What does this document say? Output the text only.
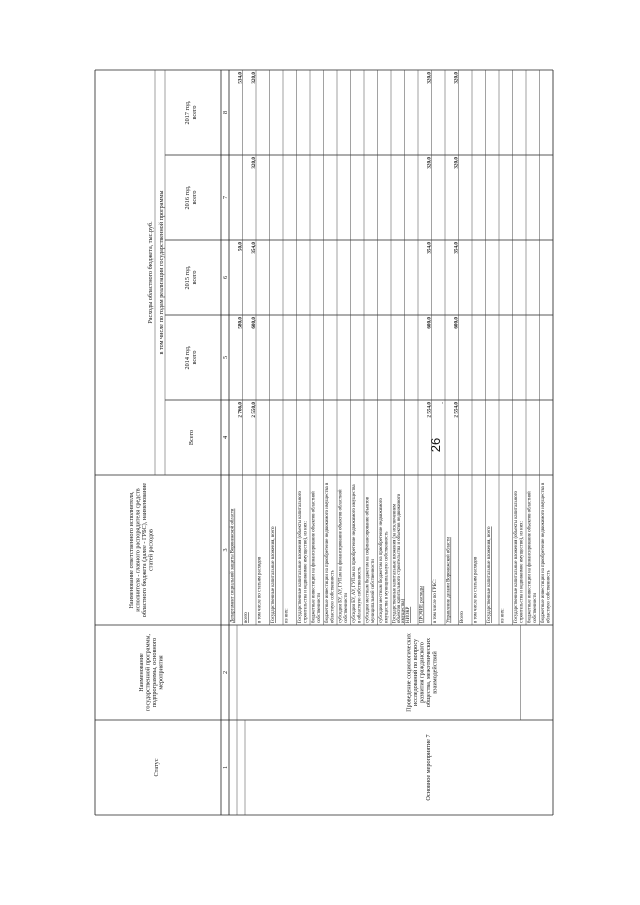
26
Статус
Наименование государственной программы, подпрограммы, основного мероприятия
Наименование ответственного исполнителя, исполнителя - главного распорядителя средств областного бюджета (далее - ГРБС), наименование статей расходов
Расходы областного бюджета, тыс.руб. в том числе по годам реализации государственной программы
Всего
2014 год, всего
2015 год, всего
2016 год, всего
2017 год, всего
1
2
3
4
5
6
7
8
Департамент социальной защиты Воронежской области
2 766,0
580,0
50,0
534,0
всего
2 550,0
600,0
354,0
320,0
320,0
в том числе по статьям расходов Государственные капитальные вложения, всего из них: Государственные капитальные вложения (объекты капитального строительства и недвижимое имущество), из них: бюджетные инвестиции на финансирование объектов областной собственности бюджетные инвестиции на приобретение недвижимого имущества в областную собственность субсидии БУ, АУ, ГУПам на финансирование объектов областной собственности субсидии БУ, АУ, ГУПам на приобретение недвижимого имущества в областную собственность субсидии местным бюджетам на софинансирование объектов муниципальной собственности субсидии местным бюджетам на приобретение недвижимого имущества в муниципальную собственность Государственные капитальные вложения (за исключением объектов капитального строительства и объектов недвижимого имущества) НИОКР ПРОЧИЕ расходы
2 554,0
600,0
354,0
320,0
320,0
в том числе по ГРБС:
-
Управление делами Воронежской области
2 554,0
600,0
354,0
320,0
320,0
Всего в том числе по статьям расходов Государственные капитальные вложения, всего из них: Государственные капитальные вложения (объекты капитального строительства и недвижимое имущество), из них: бюджетные инвестиции на финансирование объектов областной собственности бюджетные инвестиции на приобретение недвижимого имущества в областную собственность
Основное мероприятие 7
Проведение социологических исследований по вопросу развития гражданского общества, межэтнических взаимодействий
